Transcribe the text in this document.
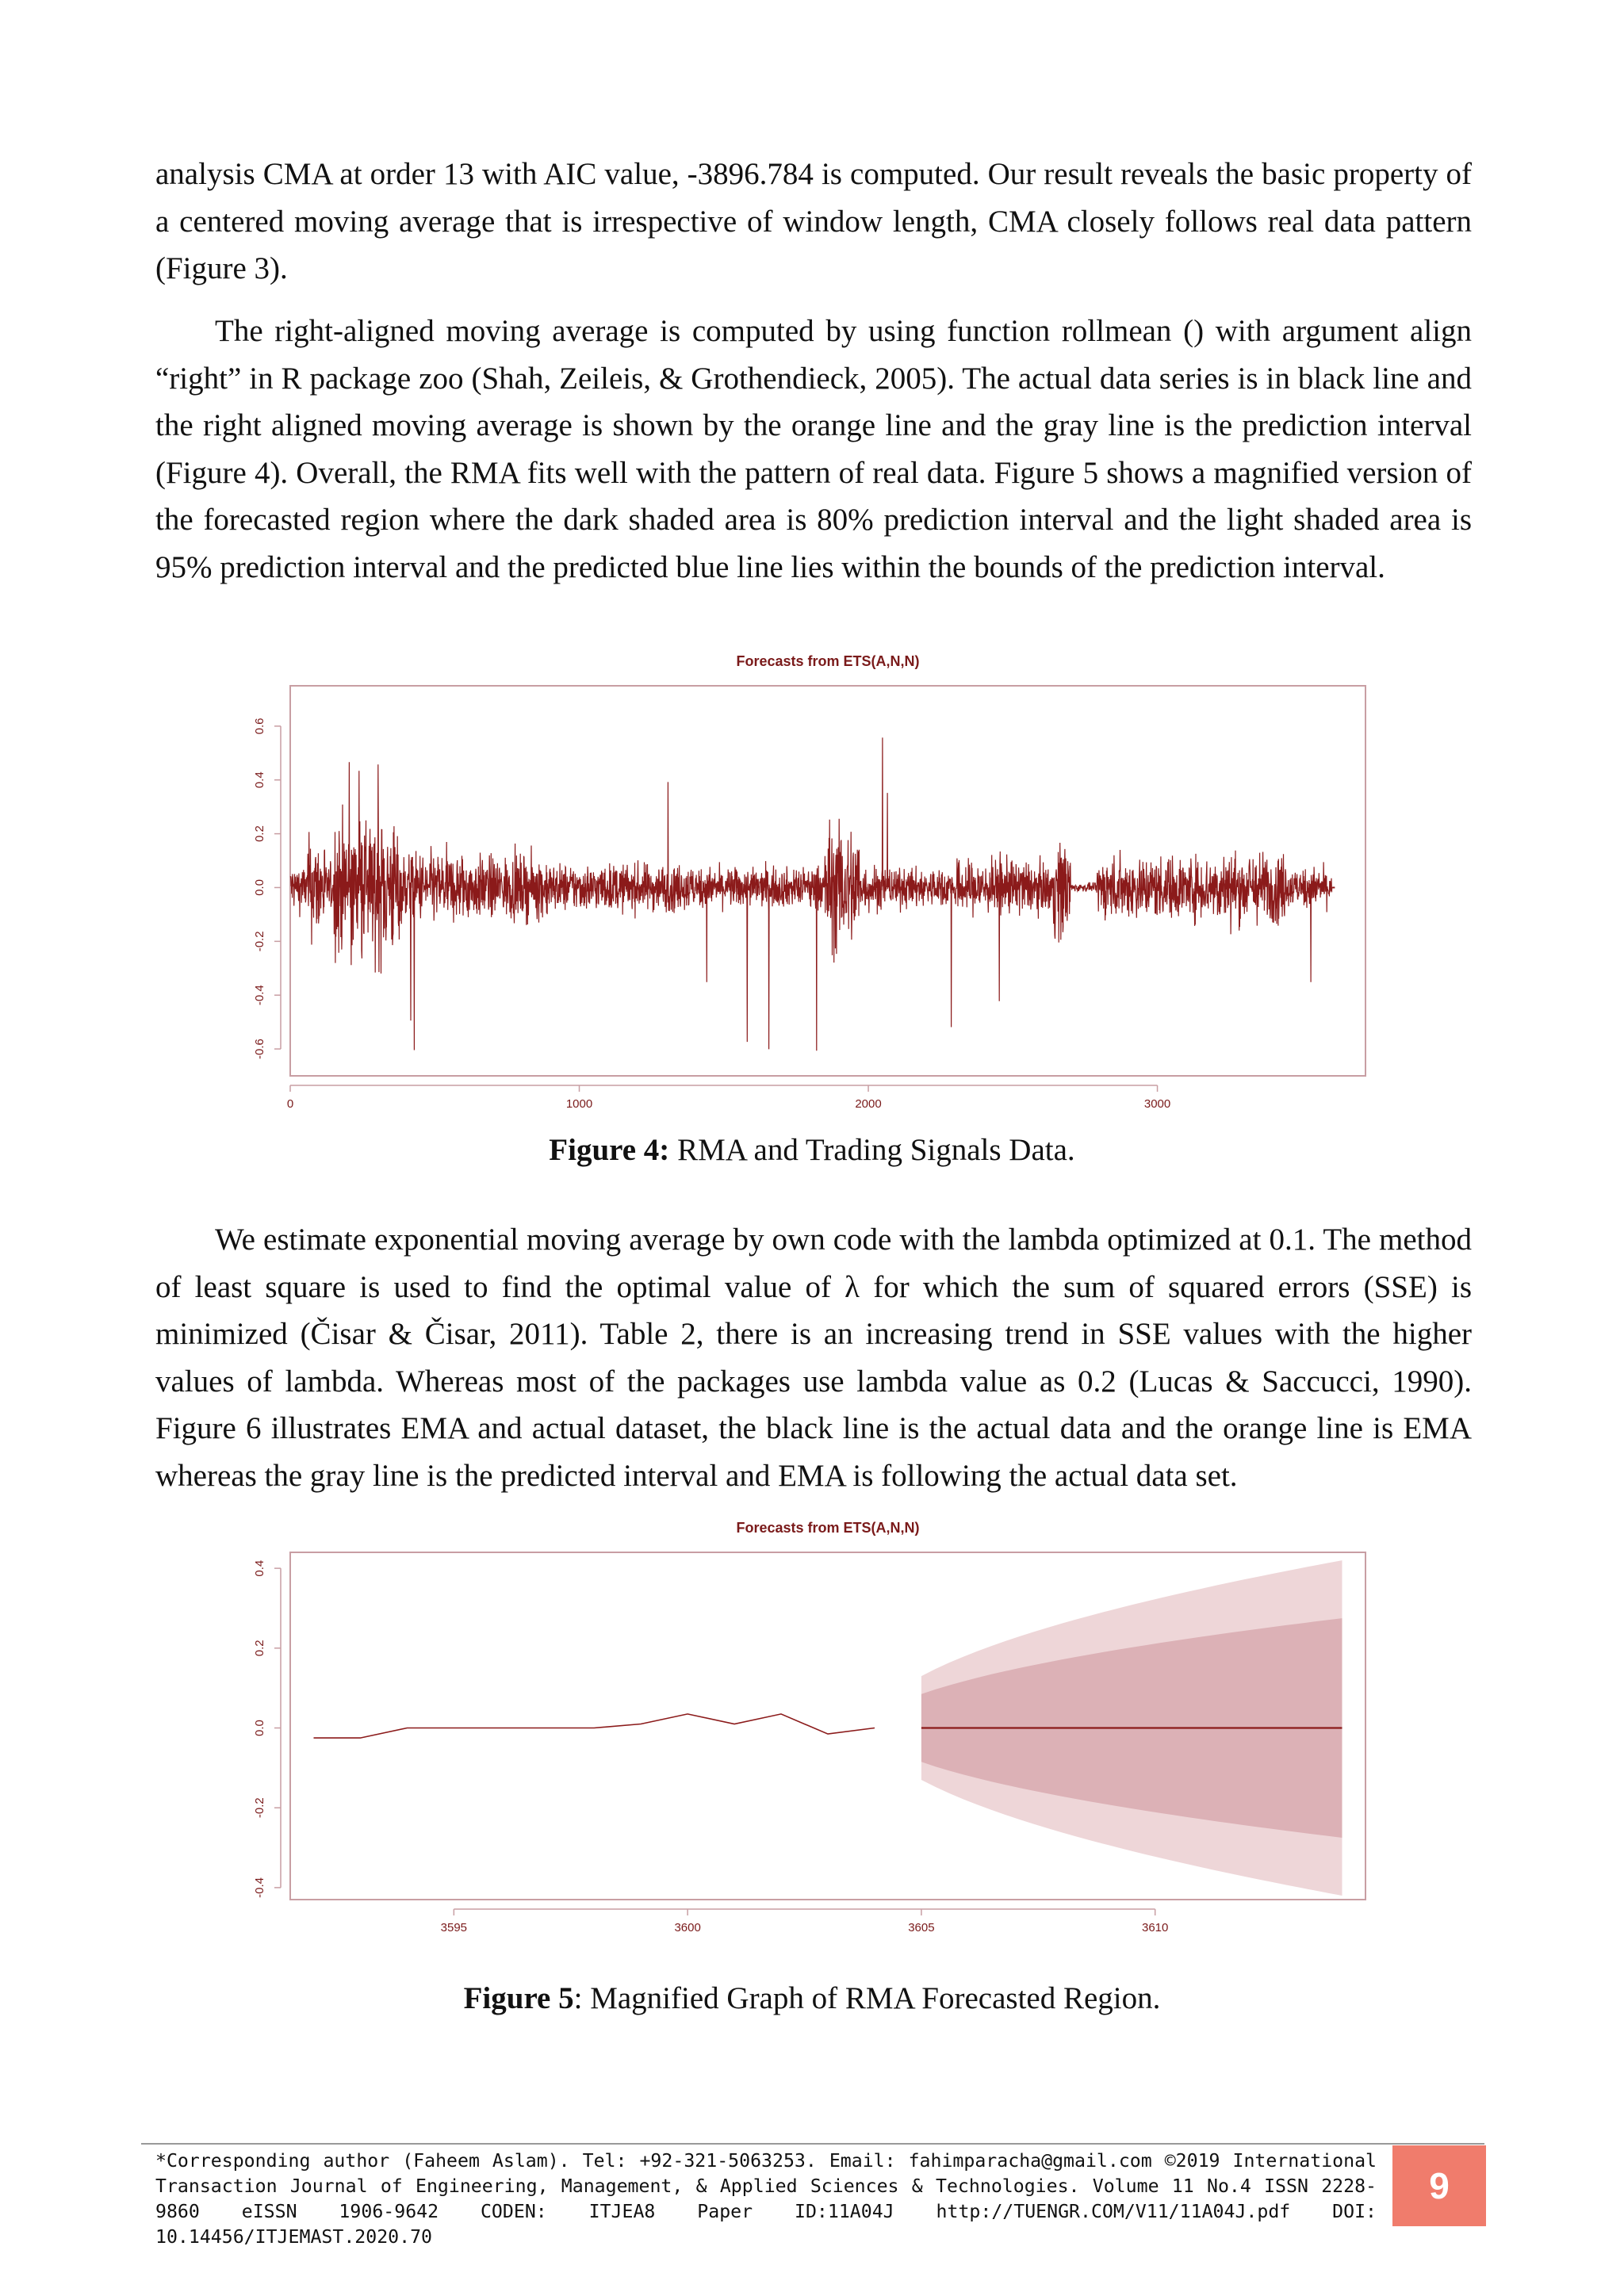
analysis CMA at order 13 with AIC value, -3896.784 is computed. Our result reveals the basic property of a centered moving average that is irrespective of window length, CMA closely follows real data pattern (Figure 3).

The right-aligned moving average is computed by using function rollmean () with argument align “right” in R package zoo (Shah, Zeileis, & Grothendieck, 2005). The actual data series is in black line and the right aligned moving average is shown by the orange line and the gray line is the prediction interval (Figure 4). Overall, the RMA fits well with the pattern of real data. Figure 5 shows a magnified version of the forecasted region where the dark shaded area is 80% prediction interval and the light shaded area is 95% prediction interval and the predicted blue line lies within the bounds of the prediction interval.

Forecasts from ETS(A,N,N)
0	1000	2000	3000
-0.6
-0.4
-0.2
0.0
0.2
0.4
0.6
Figure 4: RMA and Trading Signals Data.

We estimate exponential moving average by own code with the lambda optimized at 0.1. The method of least square is used to find the optimal value of λ for which the sum of squared errors (SSE) is minimized (Čisar & Čisar, 2011). Table 2, there is an increasing trend in SSE values with the higher values of lambda. Whereas most of the packages use lambda value as 0.2 (Lucas & Saccucci, 1990). Figure 6 illustrates EMA and actual dataset, the black line is the actual data and the orange line is EMA whereas the gray line is the predicted interval and EMA is following the actual data set.

Forecasts from ETS(A,N,N)
3595	3600	3605	3610
-0.4
-0.2
0.0
0.2
0.4
Figure 5: Magnified Graph of RMA Forecasted Region.
*Corresponding author (Faheem Aslam). Tel: +92-321-5063253. Email: fahimparacha@gmail.com ©2019 International Transaction Journal of Engineering, Management, & Applied Sciences & Technologies. Volume 11 No.4 ISSN 2228-9860 eISSN 1906-9642 CODEN: ITJEA8 Paper ID:11A04J http://TUENGR.COM/V11/11A04J.pdf DOI: 10.14456/ITJEMAST.2020.70
9
